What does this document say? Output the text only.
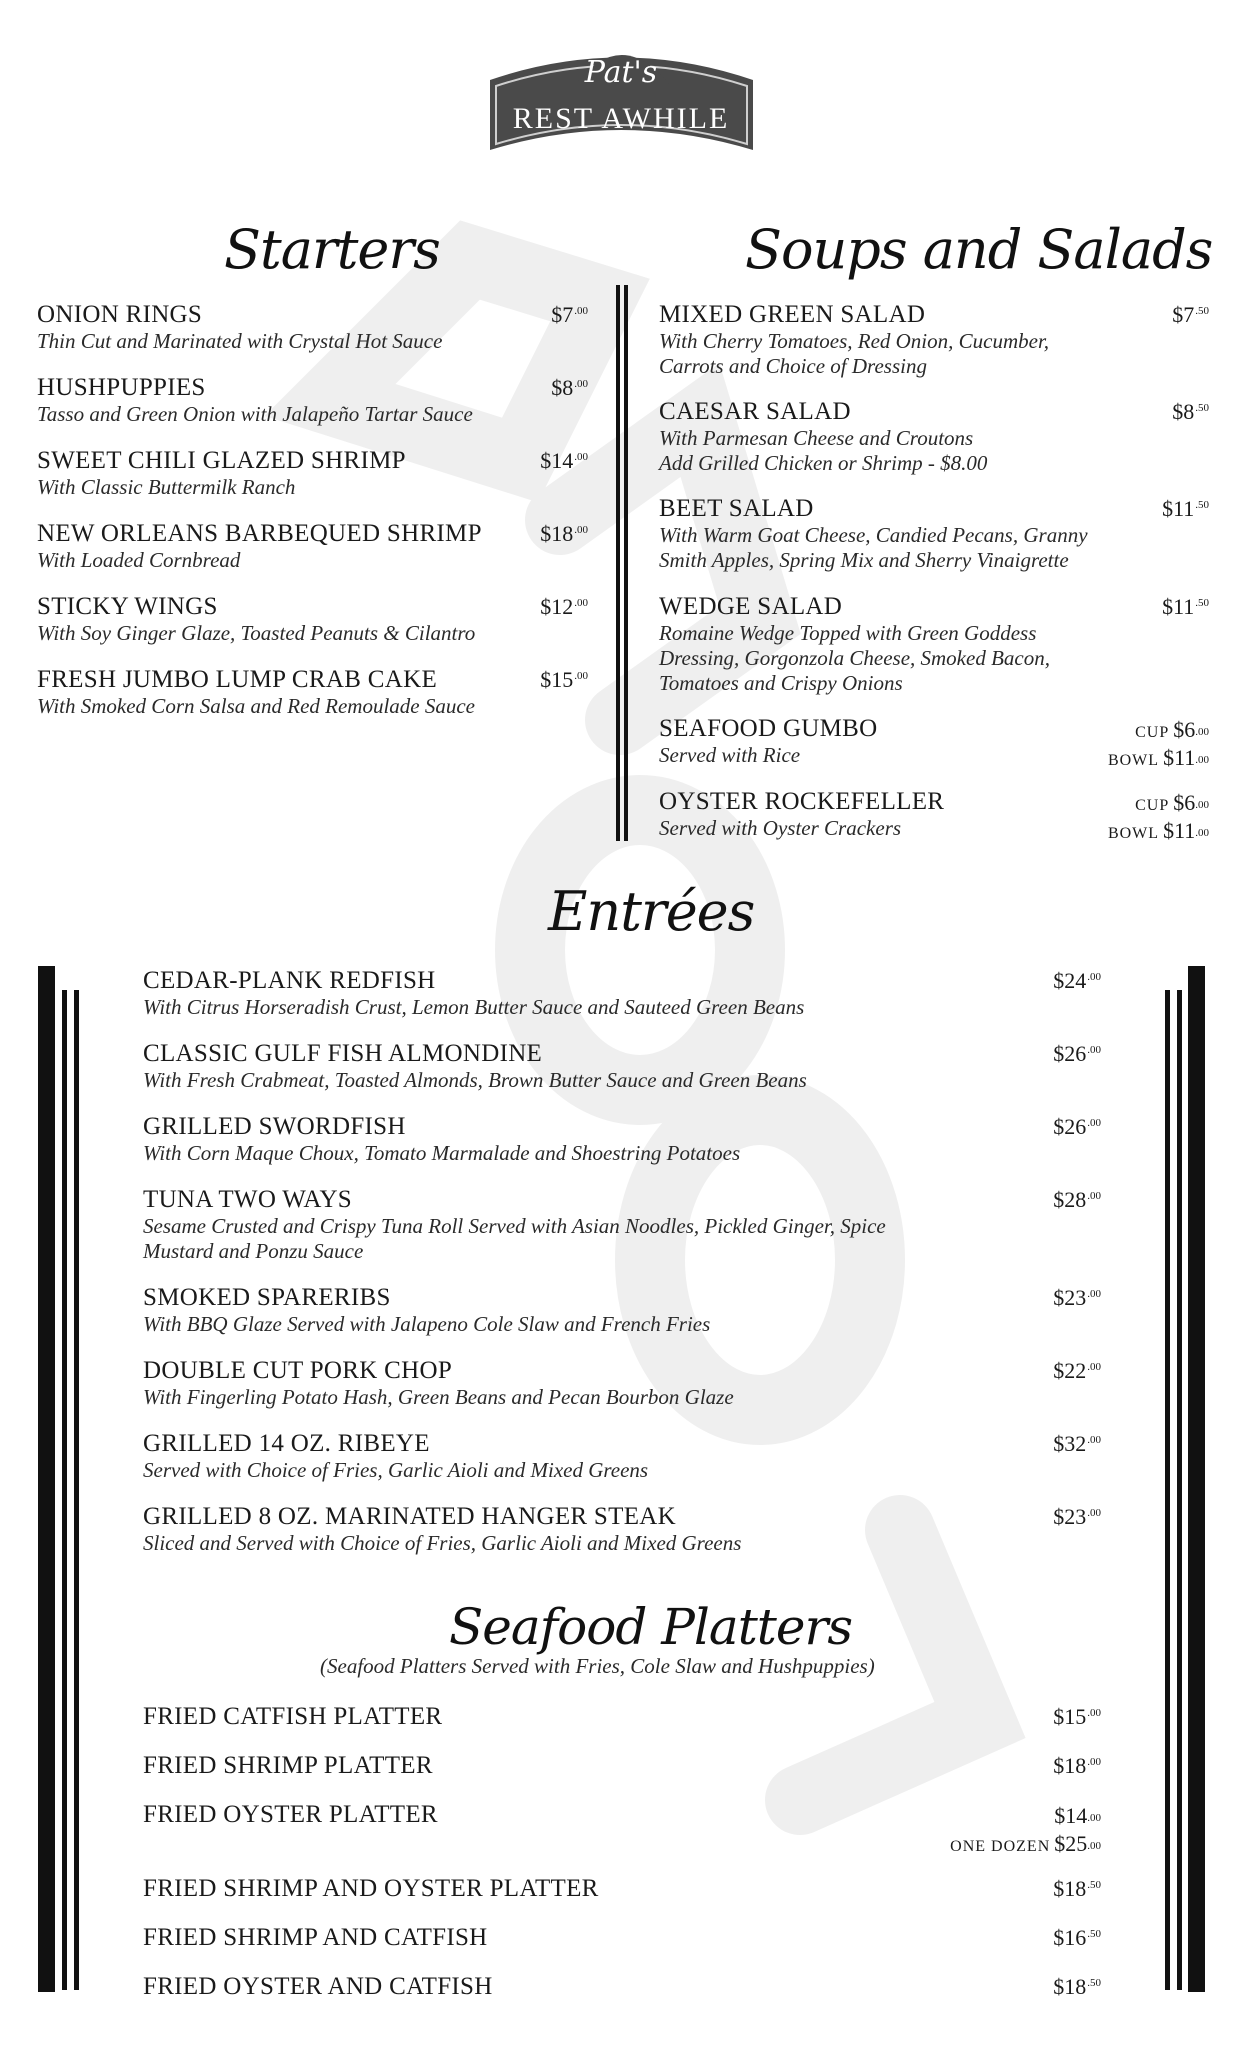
Pat's
REST AWHILE
Starters	Soups and Salads
Entrées
Seafood Platters
(Seafood Platters Served with Fries, Cole Slaw and Hushpuppies)
ONION RINGS
Thin Cut and Marinated with Crystal Hot Sauce
$\$7^{.00}$
HUSHPUPPIES
Tasso and Green Onion with Jalapeño Tartar Sauce
$\$8^{.00}$
SWEET CHILI GLAZED SHRIMP
With Classic Buttermilk Ranch
$\$14^{.00}$
NEW ORLEANS BARBEQUED SHRIMP
With Loaded Cornbread
$\$18^{.00}$
STICKY WINGS
With Soy Ginger Glaze, Toasted Peanuts & Cilantro
$\$12^{.00}$
FRESH JUMBO LUMP CRAB CAKE
With Smoked Corn Salsa and Red Remoulade Sauce
$\$15^{.00}$
MIXED GREEN SALAD
With Cherry Tomatoes, Red Onion, Cucumber,
Carrots and Choice of Dressing
$\$7^{.50}$
CAESAR SALAD
With Parmesan Cheese and Croutons
Add Grilled Chicken or Shrimp - $8.00
$\$8^{.50}$
BEET SALAD
With Warm Goat Cheese, Candied Pecans, Granny
Smith Apples, Spring Mix and Sherry Vinaigrette
$\$11^{.50}$
WEDGE SALAD
Romaine Wedge Topped with Green Goddess
Dressing, Gorgonzola Cheese, Smoked Bacon,
Tomatoes and Crispy Onions
$\$11^{.50}$
SEAFOOD GUMBO
Served with Rice
CUP $\$6^{.00}$
BOWL $\$11^{.00}$
OYSTER ROCKEFELLER
Served with Oyster Crackers
CUP $\$6^{.00}$
BOWL $\$11^{.00}$
CEDAR-PLANK REDFISH
With Citrus Horseradish Crust, Lemon Butter Sauce and Sauteed Green Beans
$\$24^{.00}$
CLASSIC GULF FISH ALMONDINE
With Fresh Crabmeat, Toasted Almonds, Brown Butter Sauce and Green Beans
$\$26^{.00}$
GRILLED SWORDFISH
With Corn Maque Choux, Tomato Marmalade and Shoestring Potatoes
$\$26^{.00}$
TUNA TWO WAYS
Sesame Crusted and Crispy Tuna Roll Served with Asian Noodles, Pickled Ginger, Spice
Mustard and Ponzu Sauce
$\$28^{.00}$
SMOKED SPARERIBS
With BBQ Glaze Served with Jalapeno Cole Slaw and French Fries
$\$23^{.00}$
DOUBLE CUT PORK CHOP
With Fingerling Potato Hash, Green Beans and Pecan Bourbon Glaze
$\$22^{.00}$
GRILLED 14 OZ. RIBEYE
Served with Choice of Fries, Garlic Aioli and Mixed Greens
$\$32^{.00}$
GRILLED 8 OZ. MARINATED HANGER STEAK
Sliced and Served with Choice of Fries, Garlic Aioli and Mixed Greens
$\$23^{.00}$
FRIED CATFISH PLATTER	$\$15^{.00}$
FRIED SHRIMP PLATTER	$\$18^{.00}$
FRIED OYSTER PLATTER	$\$14^{.00}$
ONE DOZEN $\$25^{.00}$
FRIED SHRIMP AND OYSTER PLATTER	$\$18^{.50}$
FRIED SHRIMP AND CATFISH	$\$16^{.50}$
FRIED OYSTER AND CATFISH	$\$18^{.50}$
